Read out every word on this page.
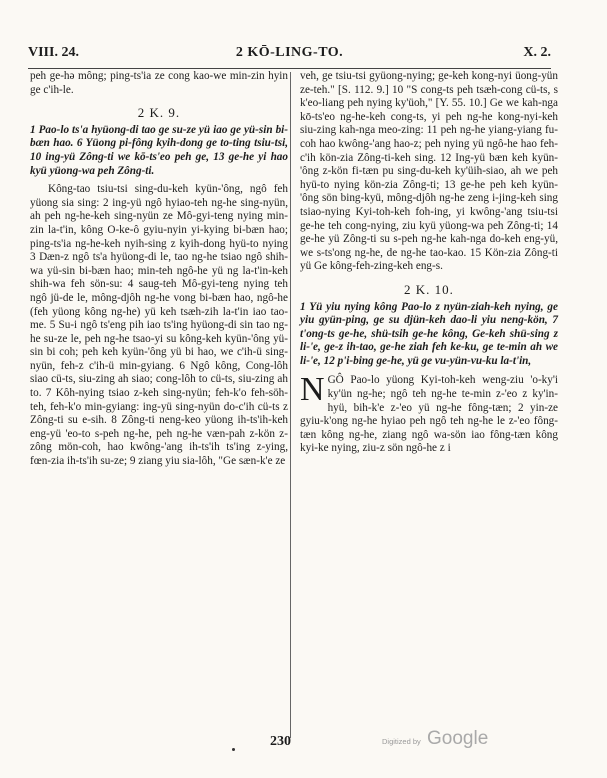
VIII. 24.	2 KŌ-LING-TO.	X. 2.

peh ge-hə mông; ping-ts'ia ze cong kao-we min-zin hyin ge c'ih-le.

2 K. 9.

1 Pao-lo ts'a hyüong-di tao ge su-ze yü iao ge yü-sin bi-bæn hao. 6 Yüong pi-fông kyih-dong ge to-ting tsiu-tsi, 10 ing-yü Zông-ti we kō-ts'eo peh ge, 13 ge-he yi hao kyü yüong-wa peh Zông-ti.

Kông-tao tsiu-tsi sing-du-keh kyün-'ông, ngô feh yüong sia sing: 2 ing-yü ngô hyiao-teh ng-he sing-nyün, ah peh ng-he-keh sing-nyün ze Mô-gyi-teng nying min-zin la-t'in, kông O-ke-ô gyiu-nyin yi-kying bi-bæn hao; ping-ts'ia ng-he-keh nyih-sing z kyih-dong hyü-to nying 3 Dæn-z ngô ts'a hyüong-di le, tao ng-he tsiao ngô shih-wa yü-sin bi-bæn hao; min-teh ngô-he yü ng la-t'in-keh shih-wa feh sön-su: 4 saug-teh Mô-gyi-teng nying teh ngô jü-de le, mông-djôh ng-he vong bi-bæn hao, ngô-he (feh yüong kông ng-he) yü keh tsæh-zih la-t'in iao tao-me. 5 Su-i ngô ts'eng pih iao ts'ing hyüong-di sin tao ng-he su-ze le, peh ng-he tsao-yi su kông-keh kyün-'ông yü-sin bi coh; peh keh kyün-'ông yü bi hao, we c'ih-ü sing-nyün, feh-z c'ih-ü min-gyiang. 6 Ngô kông, Cong-lôh siao cü-ts, siu-zing ah siao; cong-lôh to cü-ts, siu-zing ah to. 7 Kôh-nying tsiao z-keh sing-nyün; feh-k'o feh-söh-teh, feh-k'o min-gyiang: ing-yü sing-nyün do-c'ih cü-ts z Zông-ti su e-sih. 8 Zông-ti neng-keo yüong ih-ts'ih-keh eng-yü 'eo-to s-peh ng-he, peh ng-he væn-pah z-kön z-zông mön-coh, hao kwông-'ang ih-ts'ih ts'ing z-ying, fœn-zia ih-ts'ih su-ze; 9 ziang yiu sia-lôh, "Ge sæn-k'e ze

veh, ge tsiu-tsi gyüong-nying; ge-keh kong-nyi üong-yün ze-teh." [S. 112. 9.] 10 "S cong-ts peh tsæh-cong cü-ts, s k'eo-liang peh nying ky'üoh," [Y. 55. 10.] Ge we kah-nga kō-ts'eo ng-he-keh cong-ts, yi peh ng-he kong-nyi-keh siu-zing kah-nga meo-zing: 11 peh ng-he yiang-yiang fu-coh hao kwông-'ang hao-z; peh nying yü ngô-he hao feh-c'ih kön-zia Zông-ti-keh sing. 12 Ing-yü bæn keh kyün-'ông z-kön fi-tæn pu sing-du-keh ky'üih-siao, ah we peh hyü-to nying kön-zia Zông-ti; 13 ge-he peh keh kyün-'ông sön bing-kyü, mông-djôh ng-he zeng i-jing-keh sing tsiao-nying Kyi-toh-keh foh-ing, yi kwông-'ang tsiu-tsi ge-he teh cong-nying, ziu kyü yüong-wa peh Zông-ti; 14 ge-he yü Zông-ti su s-peh ng-he kah-nga do-keh eng-yü, we s-ts'ong ng-he, de ng-he tao-kao. 15 Kön-zia Zông-ti yü Ge kông-feh-zing-keh eng-s.

2 K. 10.

1 Yü yiu nying kông Pao-lo z nyün-ziah-keh nying, ge yiu gyün-ping, ge su djün-keh dao-li yiu neng-kön, 7 t'ong-ts ge-he, shü-tsih ge-he kông, Ge-keh shü-sing z li-'e, ge-z ih-tao, ge-he ziah feh ke-ku, ge te-min ah we li-'e, 12 p'i-bing ge-he, yü ge vu-yün-vu-ku la-t'in,

NGÔ Pao-lo yüong Kyi-toh-keh weng-ziu 'o-ky'i ky'ün ng-he; ngô teh ng-he te-min z-'eo z ky'in-hyü, bih-k'e z-'eo yü ng-he fông-tæn; 2 yin-ze gyiu-k'ong ng-he hyiao peh ngô teh ng-he le z-'eo fông-tæn kông ng-he, ziang ngô wa-sön iao fông-tæn kông kyi-ke nying, ziu-z sön ngô-he z i

230	Digitized by Google
